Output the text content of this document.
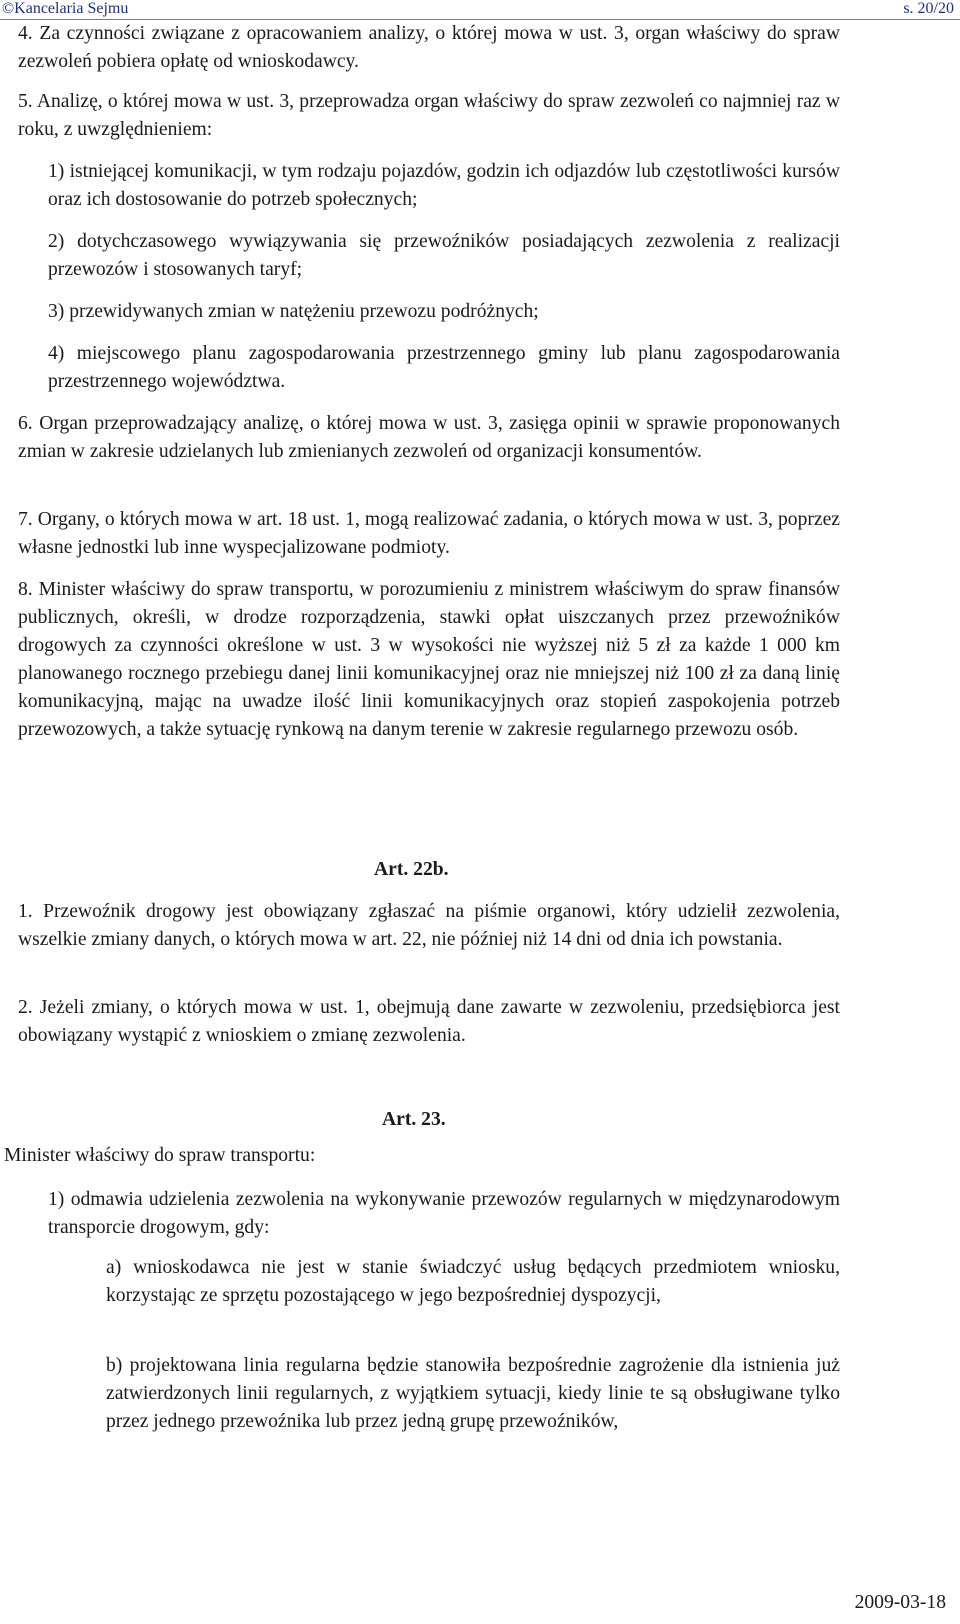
©Kancelaria Sejmu	s. 20/20
4. Za czynności związane z opracowaniem analizy, o której mowa w ust. 3, organ właściwy do spraw zezwoleń pobiera opłatę od wnioskodawcy.
5. Analizę, o której mowa w ust. 3, przeprowadza organ właściwy do spraw zezwoleń co najmniej raz w roku, z uwzględnieniem:
1) istniejącej komunikacji, w tym rodzaju pojazdów, godzin ich odjazdów lub częstotliwości kursów oraz ich dostosowanie do potrzeb społecznych;
2) dotychczasowego wywiązywania się przewoźników posiadających zezwolenia z realizacji przewozów i stosowanych taryf;
3) przewidywanych zmian w natężeniu przewozu podróżnych;
4) miejscowego planu zagospodarowania przestrzennego gminy lub planu zagospodarowania przestrzennego województwa.
6. Organ przeprowadzający analizę, o której mowa w ust. 3, zasięga opinii w sprawie proponowanych zmian w zakresie udzielanych lub zmienianych zezwoleń od organizacji konsumentów.
7. Organy, o których mowa w art. 18 ust. 1, mogą realizować zadania, o których mowa w ust. 3, poprzez własne jednostki lub inne wyspecjalizowane podmioty.
8. Minister właściwy do spraw transportu, w porozumieniu z ministrem właściwym do spraw finansów publicznych, określi, w drodze rozporządzenia, stawki opłat uiszczanych przez przewoźników drogowych za czynności określone w ust. 3 w wysokości nie wyższej niż 5 zł za każde 1 000 km planowanego rocznego przebiegu danej linii komunikacyjnej oraz nie mniejszej niż 100 zł za daną linię komunikacyjną, mając na uwadze ilość linii komunikacyjnych oraz stopień zaspokojenia potrzeb przewozowych, a także sytuację rynkową na danym terenie w zakresie regularnego przewozu osób.
Art. 22b.
1. Przewoźnik drogowy jest obowiązany zgłaszać na piśmie organowi, który udzielił zezwolenia, wszelkie zmiany danych, o których mowa w art. 22, nie później niż 14 dni od dnia ich powstania.
2. Jeżeli zmiany, o których mowa w ust. 1, obejmują dane zawarte w zezwoleniu, przedsiębiorca jest obowiązany wystąpić z wnioskiem o zmianę zezwolenia.
Art. 23.
Minister właściwy do spraw transportu:
1) odmawia udzielenia zezwolenia na wykonywanie przewozów regularnych w międzynarodowym transporcie drogowym, gdy:
a) wnioskodawca nie jest w stanie świadczyć usług będących przedmiotem wniosku, korzystając ze sprzętu pozostającego w jego bezpośredniej dyspozycji,
b) projektowana linia regularna będzie stanowiła bezpośrednie zagrożenie dla istnienia już zatwierdzonych linii regularnych, z wyjątkiem sytuacji, kiedy linie te są obsługiwane tylko przez jednego przewoźnika lub przez jedną grupę przewoźników,
2009-03-18
